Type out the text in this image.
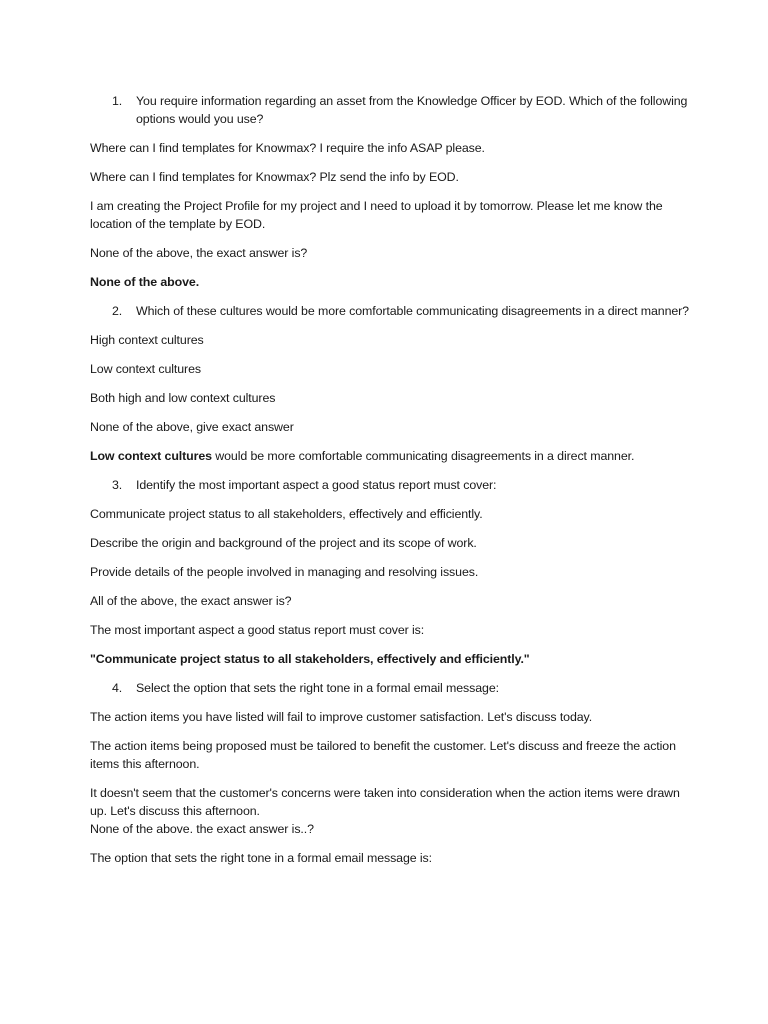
1.	You require information regarding an asset from the Knowledge Officer by EOD. Which of the following options would you use?

Where can I find templates for Knowmax? I require the info ASAP please.

Where can I find templates for Knowmax? Plz send the info by EOD.

I am creating the Project Profile for my project and I need to upload it by tomorrow. Please let me know the location of the template by EOD.

None of the above, the exact answer is?

None of the above.

2.	Which of these cultures would be more comfortable communicating disagreements in a direct manner?

High context cultures

Low context cultures

Both high and low context cultures

None of the above, give exact answer

Low context cultures would be more comfortable communicating disagreements in a direct manner.

3.	Identify the most important aspect a good status report must cover:

Communicate project status to all stakeholders, effectively and efficiently.

Describe the origin and background of the project and its scope of work.

Provide details of the people involved in managing and resolving issues.

All of the above, the exact answer is?

The most important aspect a good status report must cover is:

"Communicate project status to all stakeholders, effectively and efficiently."

4.	Select the option that sets the right tone in a formal email message:

The action items you have listed will fail to improve customer satisfaction. Let's discuss today.

The action items being proposed must be tailored to benefit the customer. Let's discuss and freeze the action items this afternoon.

It doesn't seem that the customer's concerns were taken into consideration when the action items were drawn up. Let's discuss this afternoon.

None of the above. the exact answer is..?

The option that sets the right tone in a formal email message is:
